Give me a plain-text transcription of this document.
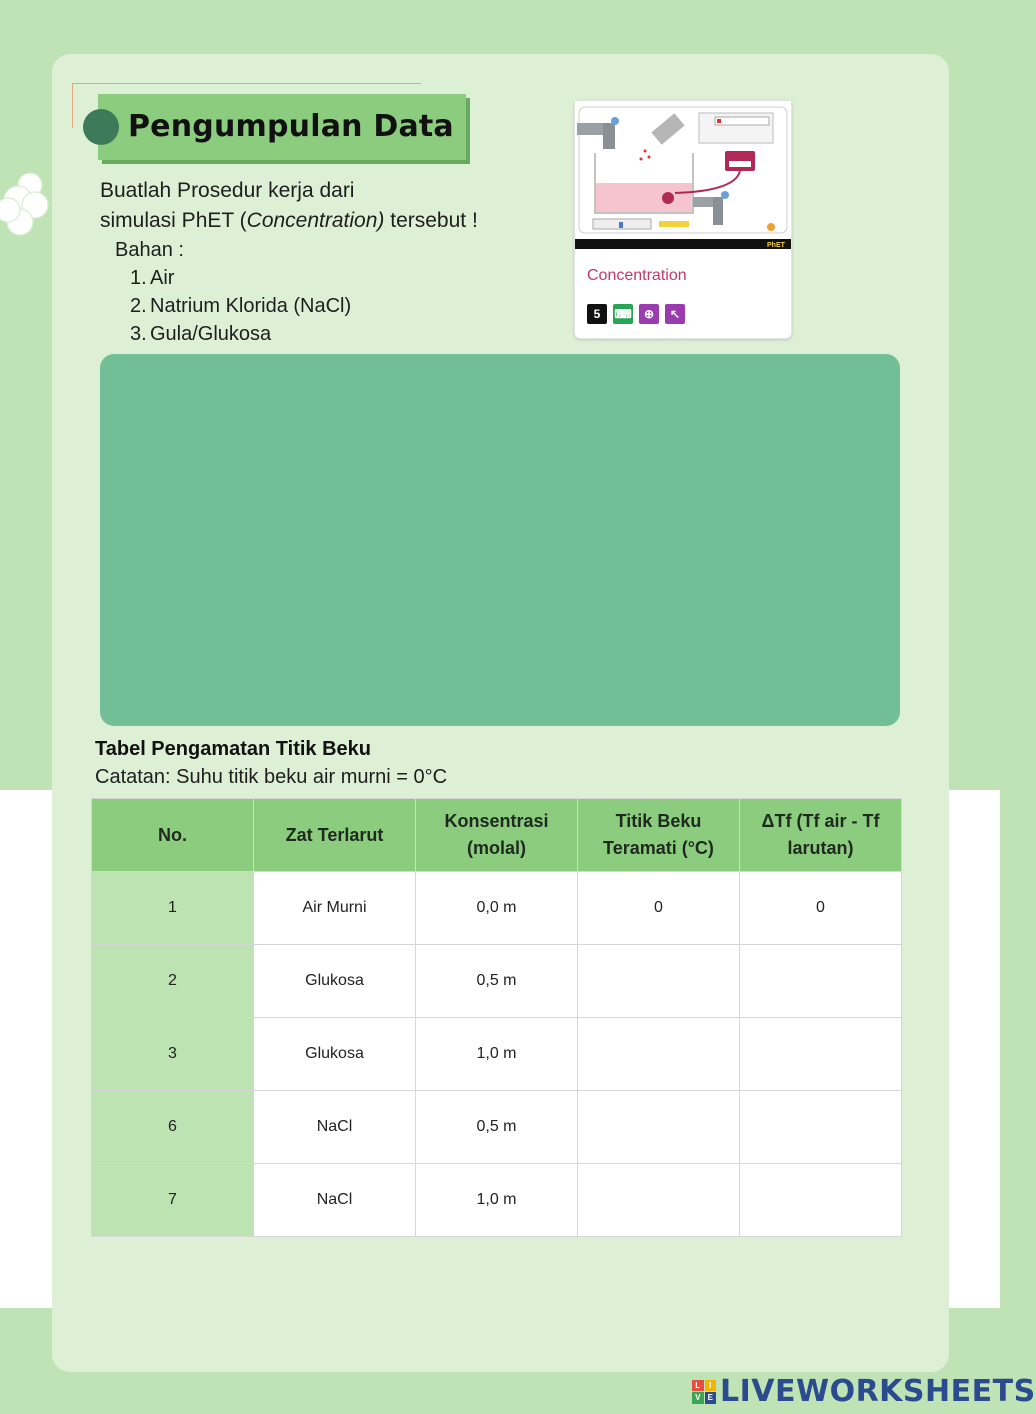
Pengumpulan Data
Buatlah Prosedur kerja dari
simulasi PhET (Concentration) tersebut !
Bahan :
1. Air
2. Natrium Klorida (NaCl)
3. Gula/Glukosa
PhET
Concentration
5	⌨	⊕	↖
Tabel Pengamatan Titik Beku
Catatan: Suhu titik beku air murni = 0°C
No.	Zat Terlarut	Konsentrasi (molal)	Titik Beku Teramati (°C)	ΔTf (Tf air - Tf larutan)
1	Air Murni	0,0 m	0	0
2	Glukosa	0,5 m		
3	Glukosa	1,0 m		
6	NaCl	0,5 m		
7	NaCl	1,0 m		
L	I
V E LIVEWORKSHEETS
